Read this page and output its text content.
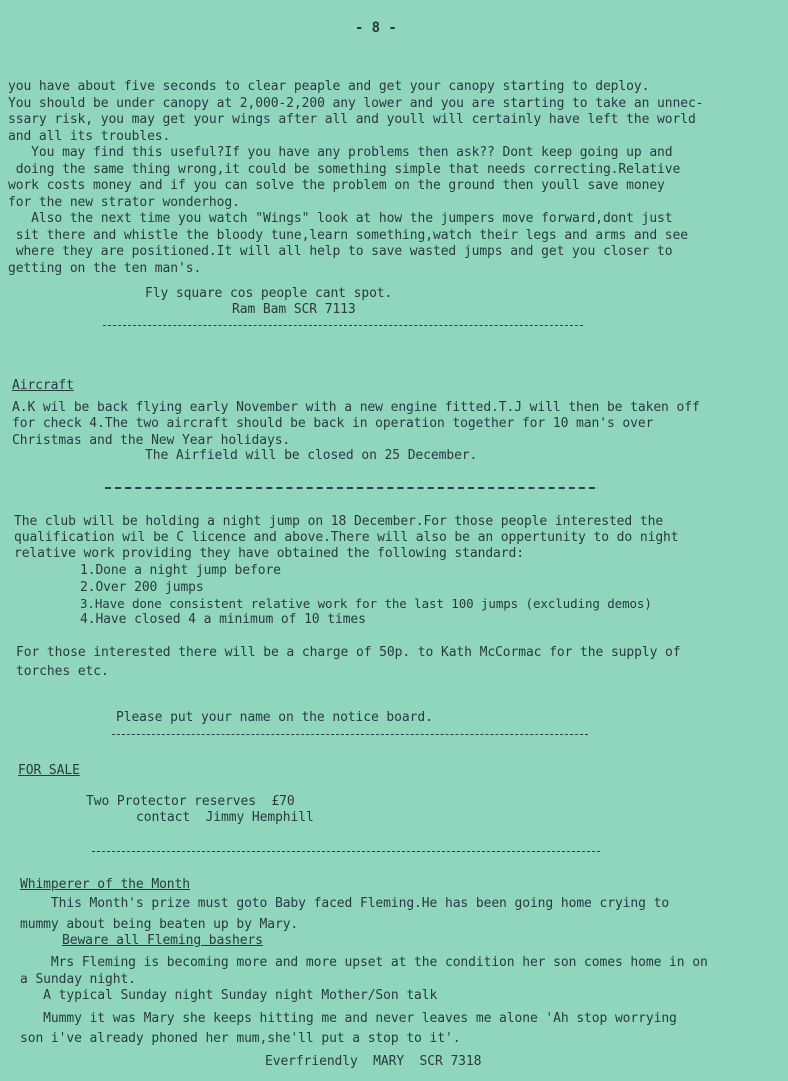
- 8 -
you have about five seconds to clear peaple and get your canopy starting to deploy.
You should be under canopy at 2,000-2,200 any lower and you are starting to take an unnec-
ssary risk, you may get your wings after all and youll will certainly have left the world
and all its troubles.
You may find this useful?If you have any problems then ask?? Dont keep going up and
doing the same thing wrong,it could be something simple that needs correcting.Relative
work costs money and if you can solve the problem on the ground then youll save money
for the new strator wonderhog.
Also the next time you watch "Wings" look at how the jumpers move forward,dont just
sit there and whistle the bloody tune,learn something,watch their legs and arms and see
where they are positioned.It will all help to save wasted jumps and get you closer to
getting on the ten man's.
Fly square cos people cant spot.
Ram Bam SCR 7113
Aircraft
A.K wil be back flying early November with a new engine fitted.T.J will then be taken off
for check 4.The two aircraft should be back in operation together for 10 man's over
Christmas and the New Year holidays.
The Airfield will be closed on 25 December.
The club will be holding a night jump on 18 December.For those people interested the
qualification wil be C licence and above.There will also be an oppertunity to do night
relative work providing they have obtained the following standard:
1.Done a night jump before
2.Over 200 jumps
3.Have done consistent relative work for the last 100 jumps (excluding demos)
4.Have closed 4 a minimum of 10 times
For those interested there will be a charge of 50p. to Kath McCormac for the supply of
torches etc.
Please put your name on the notice board.
FOR SALE
Two Protector reserves  £70
contact  Jimmy Hemphill
Whimperer of the Month
This Month's prize must goto Baby faced Fleming.He has been going home crying to
mummy about being beaten up by Mary.
Beware all Fleming bashers
Mrs Fleming is becoming more and more upset at the condition her son comes home in on
a Sunday night.
A typical Sunday night Sunday night Mother/Son talk
Mummy it was Mary she keeps hitting me and never leaves me alone 'Ah stop worrying
son i've already phoned her mum,she'll put a stop to it'.
Everfriendly  MARY  SCR 7318
